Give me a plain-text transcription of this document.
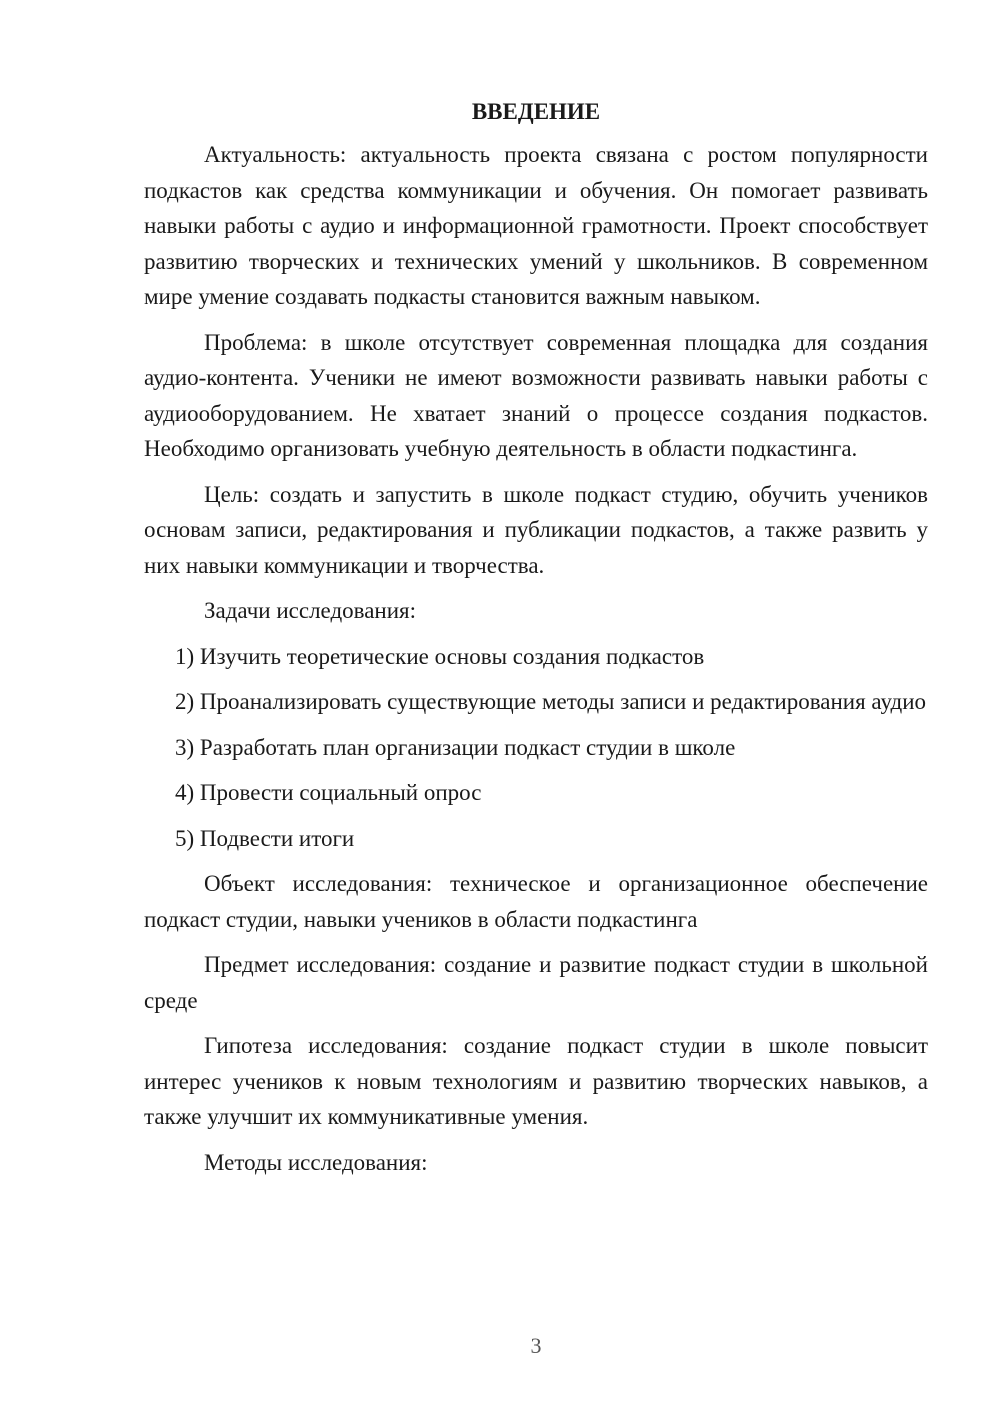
ВВЕДЕНИЕ

Актуальность: актуальность проекта связана с ростом популярности подкастов как средства коммуникации и обучения. Он помогает развивать навыки работы с аудио и информационной грамотности. Проект способствует развитию творческих и технических умений у школьников. В современном мире умение создавать подкасты становится важным навыком.

Проблема: в школе отсутствует современная площадка для создания аудио-контента. Ученики не имеют возможности развивать навыки работы с аудиооборудованием. Не хватает знаний о процессе создания подкастов. Необходимо организовать учебную деятельность в области подкастинга.

Цель: создать и запустить в школе подкаст студию, обучить учеников основам записи, редактирования и публикации подкастов, а также развить у них навыки коммуникации и творчества.

Задачи исследования:

1) Изучить теоретические основы создания подкастов

2) Проанализировать существующие методы записи и редактирования аудио

3) Разработать план организации подкаст студии в школе

4) Провести социальный опрос

5) Подвести итоги

Объект исследования: техническое и организационное обеспечение подкаст студии, навыки учеников в области подкастинга

Предмет исследования: создание и развитие подкаст студии в школьной среде

Гипотеза исследования: создание подкаст студии в школе повысит интерес учеников к новым технологиям и развитию творческих навыков, а также улучшит их коммуникативные умения.

Методы исследования:

3
